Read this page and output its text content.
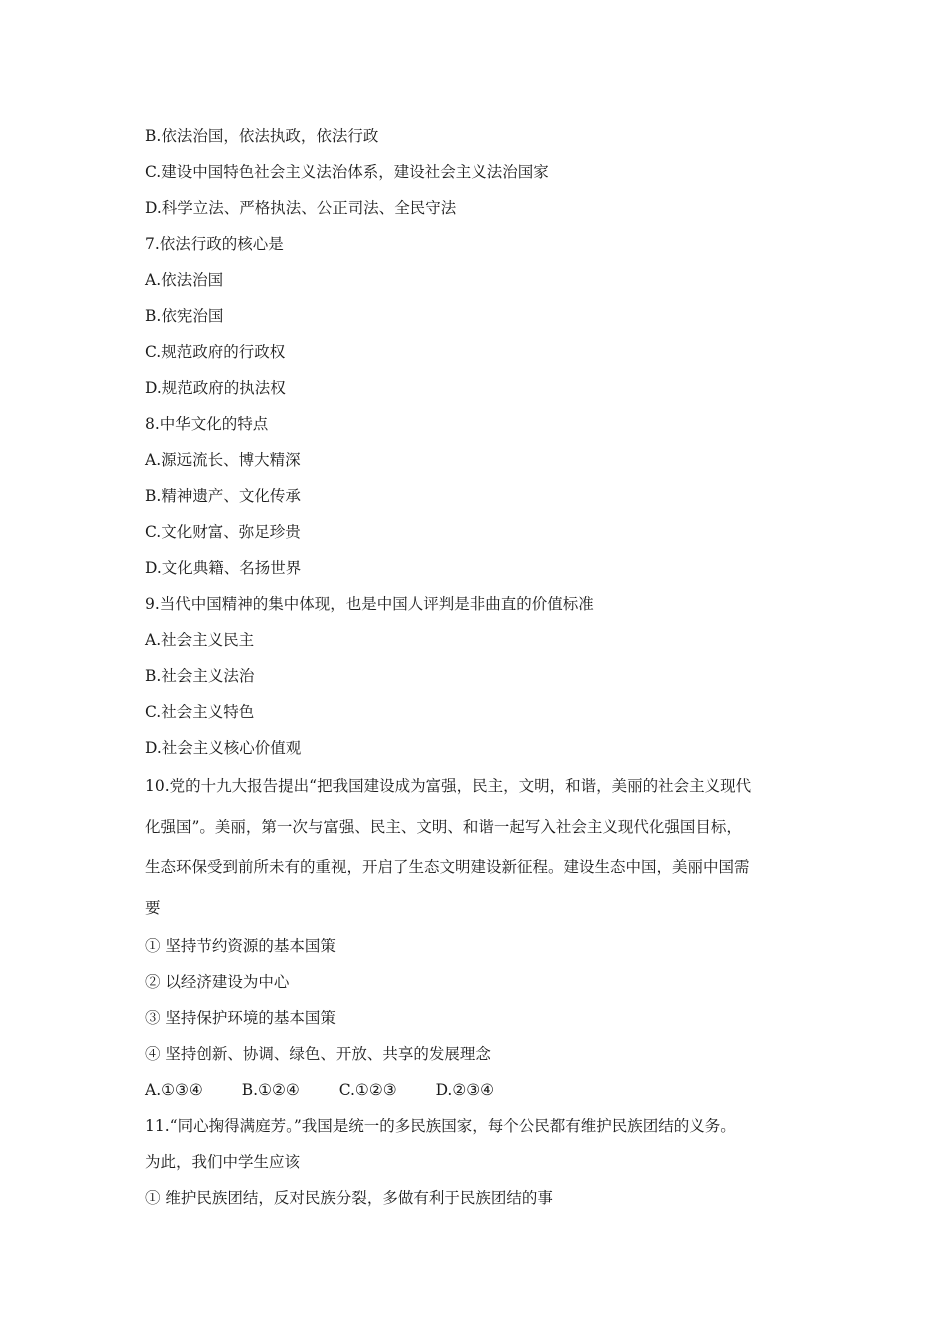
B.依法治国，依法执政，依法行政
C.建设中国特色社会主义法治体系，建设社会主义法治国家
D.科学立法、严格执法、公正司法、全民守法
7.依法行政的核心是
A.依法治国
B.依宪治国
C.规范政府的行政权
D.规范政府的执法权
8.中华文化的特点
A.源远流长、博大精深
B.精神遗产、文化传承
C.文化财富、弥足珍贵
D.文化典籍、名扬世界
9.当代中国精神的集中体现，也是中国人评判是非曲直的价值标准
A.社会主义民主
B.社会主义法治
C.社会主义特色
D.社会主义核心价值观
10.党的十九大报告提出“把我国建设成为富强，民主，文明，和谐，美丽的社会主义现代
化强国”。美丽，第一次与富强、民主、文明、和谐一起写入社会主义现代化强国目标，
生态环保受到前所未有的重视，开启了生态文明建设新征程。建设生态中国，美丽中国需
要
① 坚持节约资源的基本国策
② 以经济建设为中心
③ 坚持保护环境的基本国策
④ 坚持创新、协调、绿色、开放、共享的发展理念
A.①③④	B.①②④	C.①②③	D.②③④
11.“同心掬得满庭芳。”我国是统一的多民族国家，每个公民都有维护民族团结的义务。
为此，我们中学生应该
① 维护民族团结，反对民族分裂，多做有利于民族团结的事
